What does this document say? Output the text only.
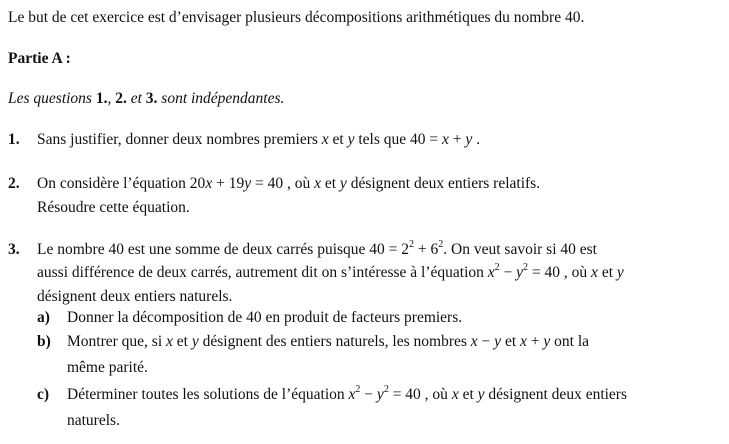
Le but de cet exercice est d’envisager plusieurs décompositions arithmétiques du nombre 40.
Partie A :
Les questions 1., 2. et 3. sont indépendantes.
1. Sans justifier, donner deux nombres premiers x et y tels que 40 = x + y .
2. On considère l’équation 20x + 19y = 40 , où x et y désignent deux entiers relatifs.
Résoudre cette équation.
3. Le nombre 40 est une somme de deux carrés puisque $40 = 2^2 + 6^2$. On veut savoir si 40 est
aussi différence de deux carrés, autrement dit on s’intéresse à l’équation $x^2 - y^2 = 40$ , où x et y
désignent deux entiers naturels.
a) Donner la décomposition de 40 en produit de facteurs premiers.
b) Montrer que, si x et y désignent des entiers naturels, les nombres x − y et x + y ont la
même parité.
c) Déterminer toutes les solutions de l’équation $x^2 - y^2 = 40$ , où x et y désignent deux entiers
naturels.
